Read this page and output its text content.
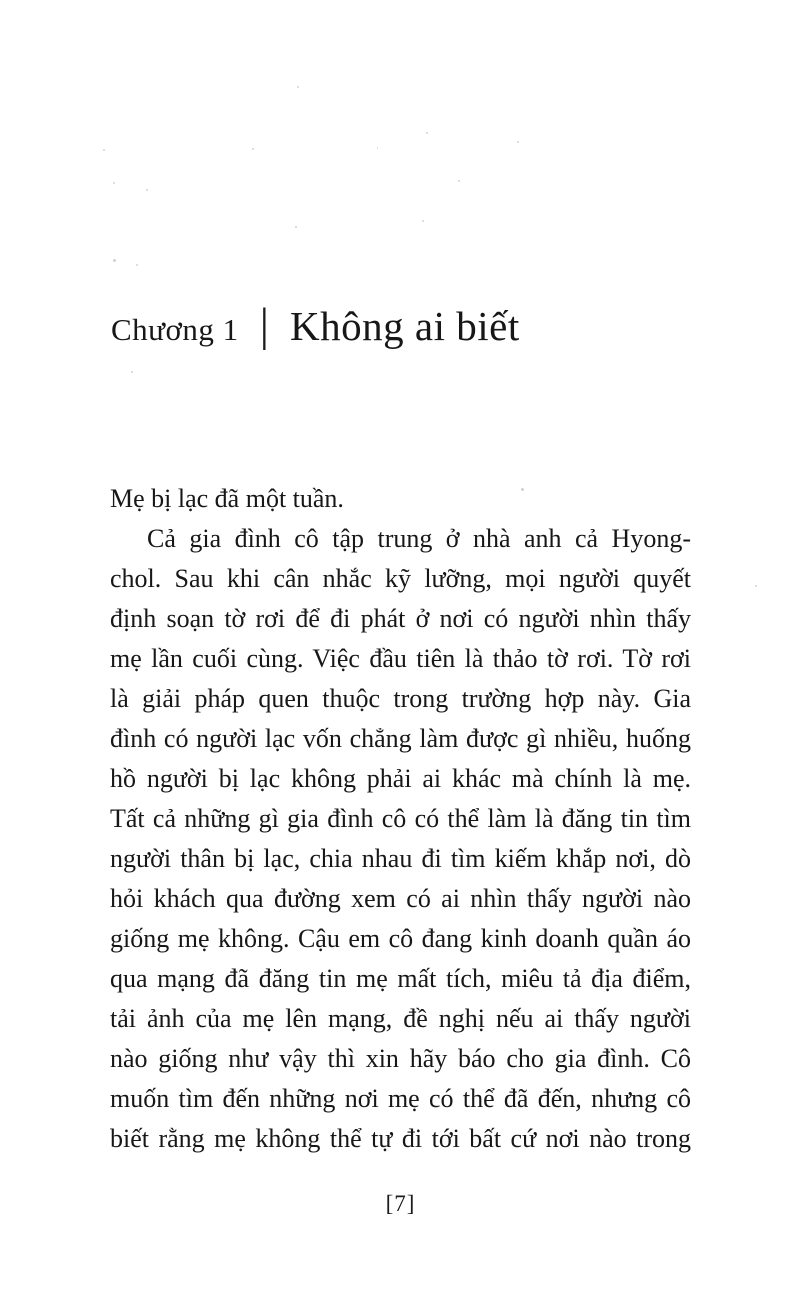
Chương 1 | Không ai biết
Mẹ bị lạc đã một tuần.
Cả gia đình cô tập trung ở nhà anh cả Hyong-
chol. Sau khi cân nhắc kỹ lưỡng, mọi người quyết
định soạn tờ rơi để đi phát ở nơi có người nhìn thấy
mẹ lần cuối cùng. Việc đầu tiên là thảo tờ rơi. Tờ rơi
là giải pháp quen thuộc trong trường hợp này. Gia
đình có người lạc vốn chẳng làm được gì nhiều, huống
hồ người bị lạc không phải ai khác mà chính là mẹ.
Tất cả những gì gia đình cô có thể làm là đăng tin tìm
người thân bị lạc, chia nhau đi tìm kiếm khắp nơi, dò
hỏi khách qua đường xem có ai nhìn thấy người nào
giống mẹ không. Cậu em cô đang kinh doanh quần áo
qua mạng đã đăng tin mẹ mất tích, miêu tả địa điểm,
tải ảnh của mẹ lên mạng, đề nghị nếu ai thấy người
nào giống như vậy thì xin hãy báo cho gia đình. Cô
muốn tìm đến những nơi mẹ có thể đã đến, nhưng cô
biết rằng mẹ không thể tự đi tới bất cứ nơi nào trong
[7]
